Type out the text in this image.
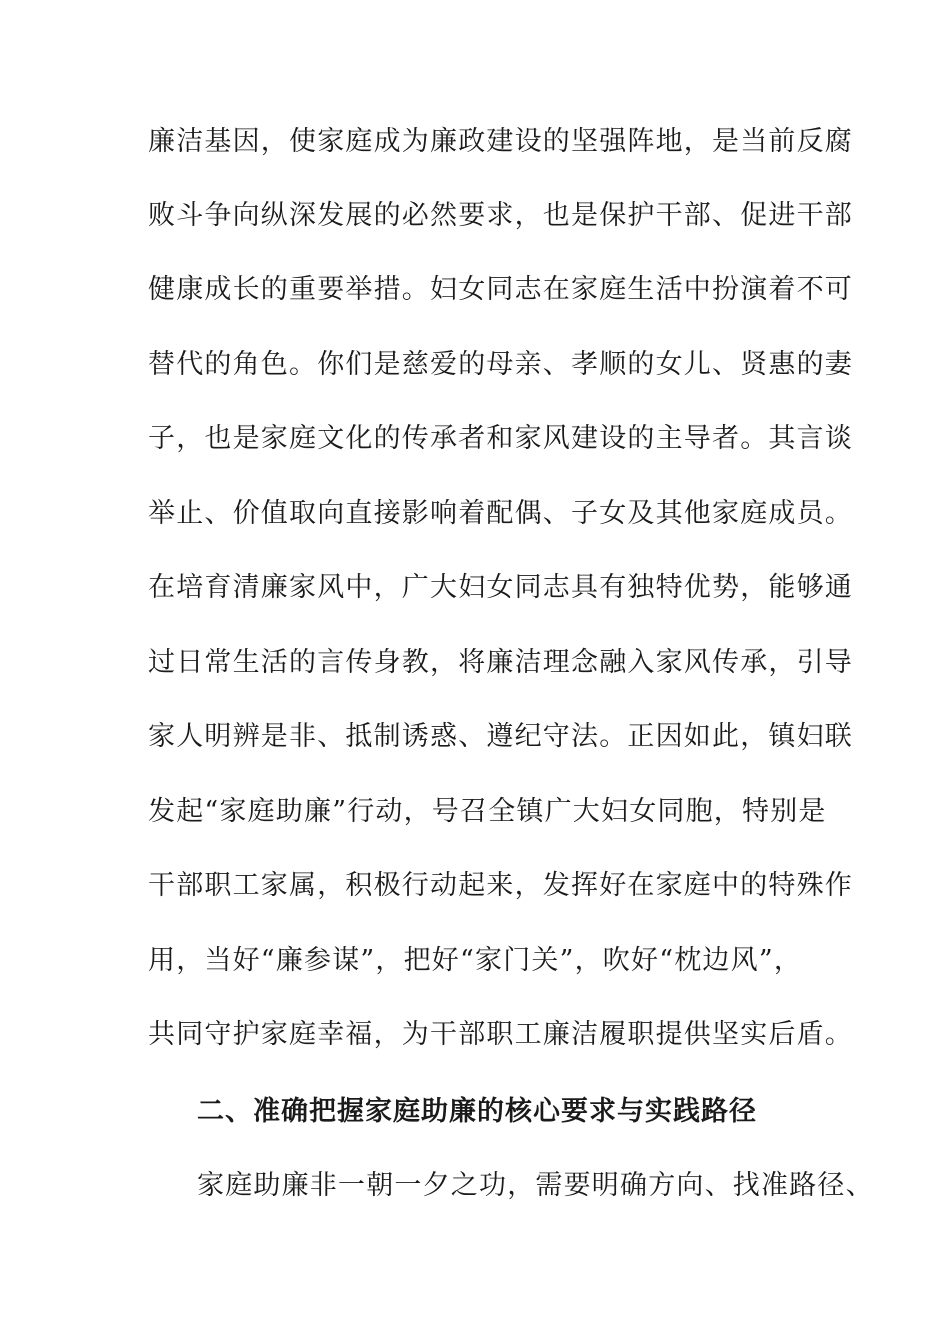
廉洁基因，使家庭成为廉政建设的坚强阵地，是当前反腐
败斗争向纵深发展的必然要求，也是保护干部、促进干部
健康成长的重要举措。妇女同志在家庭生活中扮演着不可
替代的角色。你们是慈爱的母亲、孝顺的女儿、贤惠的妻
子，也是家庭文化的传承者和家风建设的主导者。其言谈
举止、价值取向直接影响着配偶、子女及其他家庭成员。
在培育清廉家风中，广大妇女同志具有独特优势，能够通
过日常生活的言传身教，将廉洁理念融入家风传承，引导
家人明辨是非、抵制诱惑、遵纪守法。正因如此，镇妇联
发起“家庭助廉”行动，号召全镇广大妇女同胞，特别是
干部职工家属，积极行动起来，发挥好在家庭中的特殊作
用，当好“廉参谋”，把好“家门关”，吹好“枕边风”，
共同守护家庭幸福，为干部职工廉洁履职提供坚实后盾。
二、准确把握家庭助廉的核心要求与实践路径
家庭助廉非一朝一夕之功，需要明确方向、找准路径、
